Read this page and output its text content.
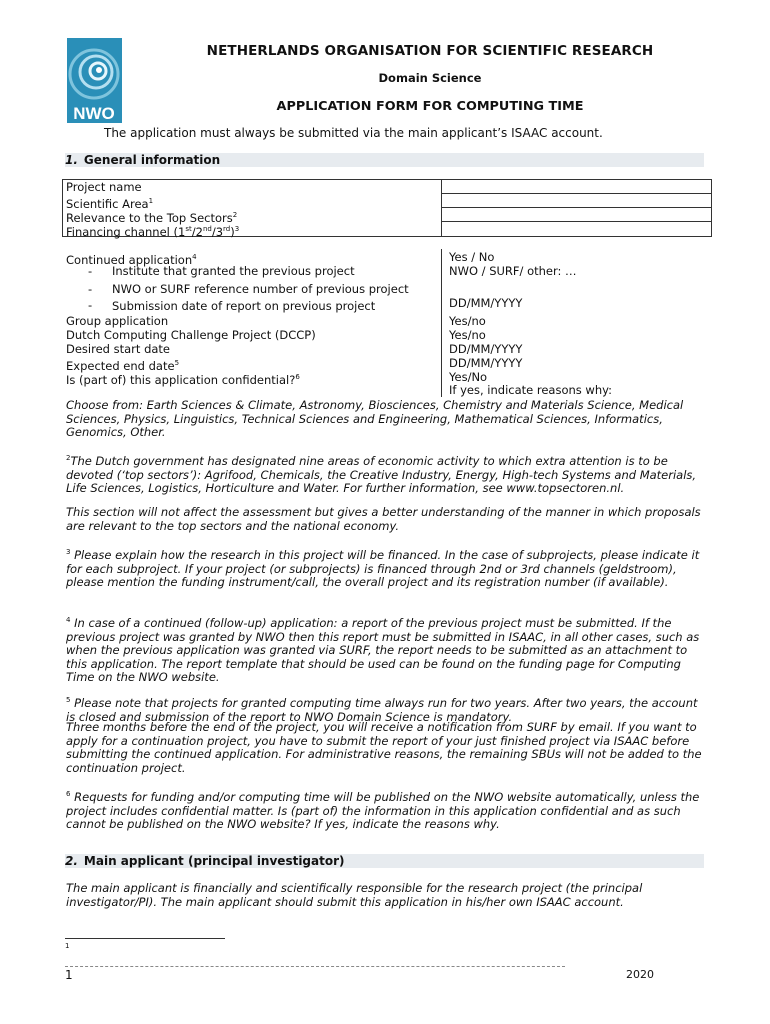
NWO
NETHERLANDS ORGANISATION FOR SCIENTIFIC RESEARCH
Domain Science
APPLICATION FORM FOR COMPUTING TIME
The application must always be submitted via the main applicant’s ISAAC account.
1. General information
Project name
Scientific Area$^1$
Relevance to the Top Sectors$^2$
Financing channel $(1st/2nd/3rd)^3$
Continued application$^4$	Yes / No
- Institute that granted the previous project	NWO / SURF/ other: …
- NWO or SURF reference number of previous project
- Submission date of report on previous project	DD/MM/YYYY
Group application	Yes/no
Dutch Computing Challenge Project (DCCP)	Yes/no
Desired start date	DD/MM/YYYY
Expected end date$^5$	DD/MM/YYYY
Is (part of) this application confidential?$^6$	Yes/No
If yes, indicate reasons why:
Choose from: Earth Sciences & Climate, Astronomy, Biosciences, Chemistry and Materials Science, Medical Sciences, Physics, Linguistics, Technical Sciences and Engineering, Mathematical Sciences, Informatics, Genomics, Other.
$^2$The Dutch government has designated nine areas of economic activity to which extra attention is to be devoted (‘top sectors’): Agrifood, Chemicals, the Creative Industry, Energy, High-tech Systems and Materials, Life Sciences, Logistics, Horticulture and Water. For further information, see www.topsectoren.nl.
This section will not affect the assessment but gives a better understanding of the manner in which proposals are relevant to the top sectors and the national economy.
$^3$ Please explain how the research in this project will be financed. In the case of subprojects, please indicate it for each subproject. If your project (or subprojects) is financed through 2nd or 3rd channels (geldstroom), please mention the funding instrument/call, the overall project and its registration number (if available).
$^4$ In case of a continued (follow-up) application: a report of the previous project must be submitted. If the previous project was granted by NWO then this report must be submitted in ISAAC, in all other cases, such as when the previous application was granted via SURF, the report needs to be submitted as an attachment to this application. The report template that should be used can be found on the funding page for Computing Time on the NWO website.
$^5$ Please note that projects for granted computing time always run for two years. After two years, the account is closed and submission of the report to NWO Domain Science is mandatory.
Three months before the end of the project, you will receive a notification from SURF by email. If you want to apply for a continuation project, you have to submit the report of your just finished project via ISAAC before submitting the continued application. For administrative reasons, the remaining SBUs will not be added to the continuation project.
$^6$ Requests for funding and/or computing time will be published on the NWO website automatically, unless the project includes confidential matter. Is (part of) the information in this application confidential and as such cannot be published on the NWO website? If yes, indicate the reasons why.
2. Main applicant (principal investigator)
The main applicant is financially and scientifically responsible for the research project (the principal investigator/PI). The main applicant should submit this application in his/her own ISAAC account.
1
1	2020
